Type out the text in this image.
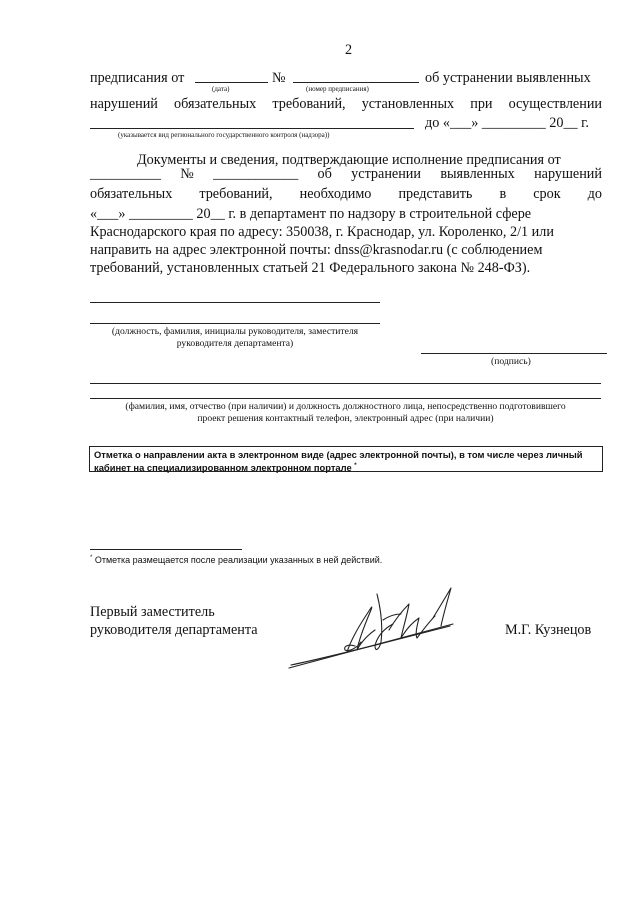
2
предписания от	№	об устранении выявленных
(дата)	(номер предписания)
нарушений обязательных требований, установленных при осуществлении
до «___» _________ 20__ г.
(указывается вид регионального государственного контроля (надзора))
Документы и сведения, подтверждающие исполнение предписания от
__________ № ____________ об устранении выявленных нарушений
обязательных требований, необходимо представить в срок до
«___» _________ 20__ г. в департамент по надзору в строительной сфере
Краснодарского края по адресу: 350038, г. Краснодар, ул. Короленко, 2/1 или
направить на адрес электронной почты: dnss@krasnodar.ru (с соблюдением
требований, установленных статьей 21 Федерального закона № 248-ФЗ).
(должность, фамилия, инициалы руководителя, заместителя
руководителя департамента)
(подпись)
(фамилия, имя, отчество (при наличии) и должность должностного лица, непосредственно подготовившего
проект решения контактный телефон, электронный адрес (при наличии)
Отметка о направлении акта в электронном виде (адрес электронной почты), в том числе через личный
кабинет на специализированном электронном портале *
* Отметка размещается после реализации указанных в ней действий.
Первый заместитель
руководителя департамента	М.Г. Кузнецов
